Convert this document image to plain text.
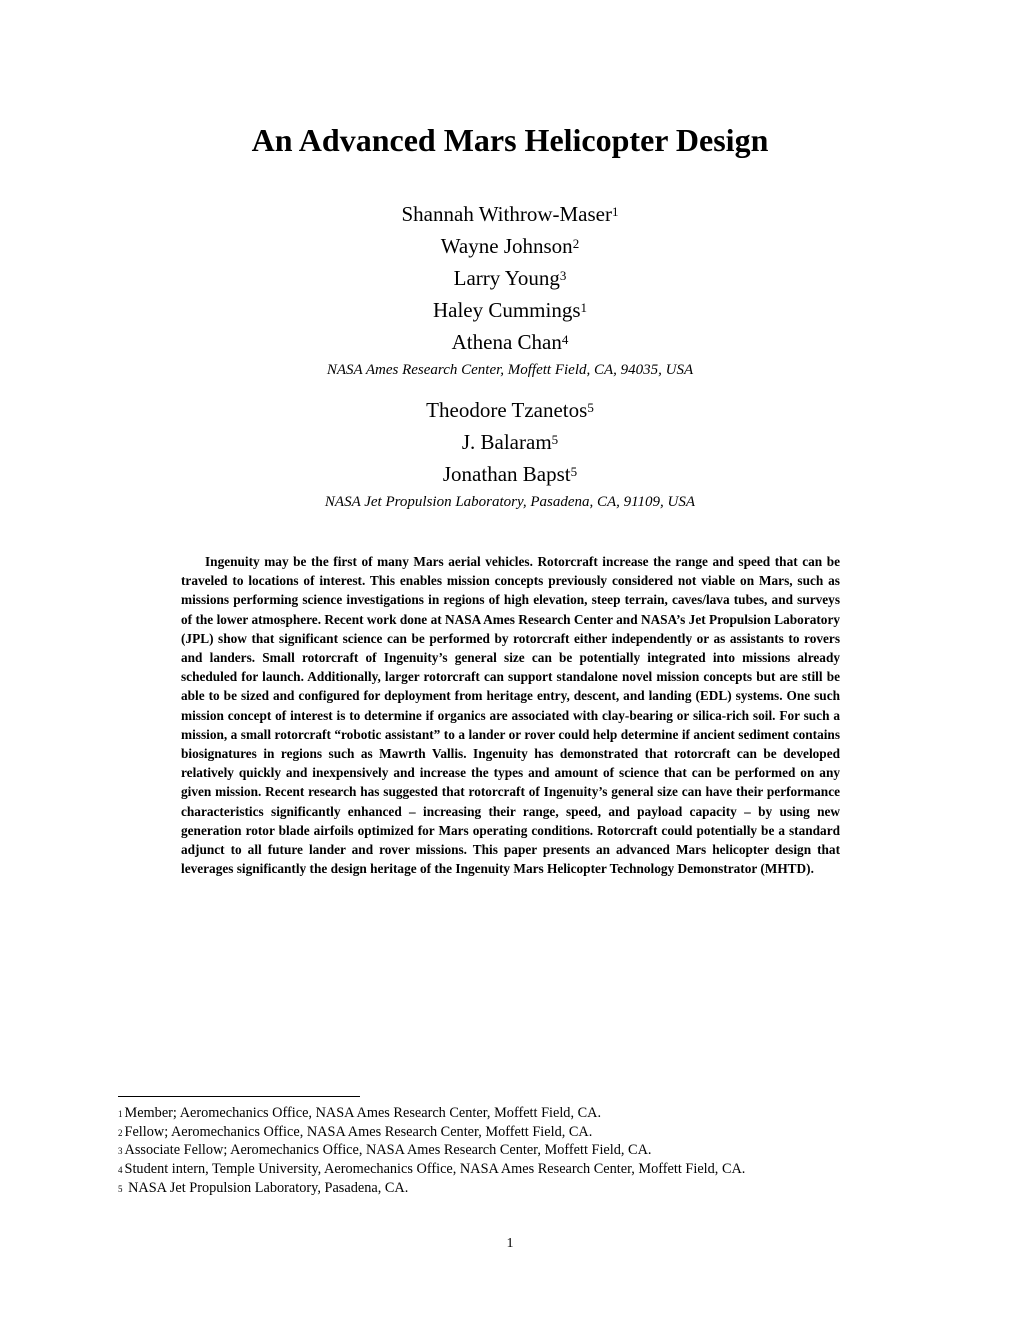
An Advanced Mars Helicopter Design
Shannah Withrow-Maser$^1$
Wayne Johnson$^2$
Larry Young$^3$
Haley Cummings$^1$
Athena Chan$^4$
NASA Ames Research Center, Moffett Field, CA, 94035, USA
Theodore Tzanetos$^5$
J. Balaram$^5$
Jonathan Bapst$^5$
NASA Jet Propulsion Laboratory, Pasadena, CA, 91109, USA

Ingenuity may be the first of many Mars aerial vehicles. Rotorcraft increase the range and speed that can be traveled to locations of interest. This enables mission concepts previously considered not viable on Mars, such as missions performing science investigations in regions of high elevation, steep terrain, caves/lava tubes, and surveys of the lower atmosphere. Recent work done at NASA Ames Research Center and NASA’s Jet Propulsion Laboratory (JPL) show that significant science can be performed by rotorcraft either independently or as assistants to rovers and landers. Small rotorcraft of Ingenuity’s general size can be potentially integrated into missions already scheduled for launch. Additionally, larger rotorcraft can support standalone novel mission concepts but are still be able to be sized and configured for deployment from heritage entry, descent, and landing (EDL) systems. One such mission concept of interest is to determine if organics are associated with clay-bearing or silica-rich soil. For such a mission, a small rotorcraft “robotic assistant” to a lander or rover could help determine if ancient sediment contains biosignatures in regions such as Mawrth Vallis. Ingenuity has demonstrated that rotorcraft can be developed relatively quickly and inexpensively and increase the types and amount of science that can be performed on any given mission. Recent research has suggested that rotorcraft of Ingenuity’s general size can have their performance characteristics significantly enhanced – increasing their range, speed, and payload capacity – by using new generation rotor blade airfoils optimized for Mars operating conditions. Rotorcraft could potentially be a standard adjunct to all future lander and rover missions. This paper presents an advanced Mars helicopter design that leverages significantly the design heritage of the Ingenuity Mars Helicopter Technology Demonstrator (MHTD).

$^1$ Member; Aeromechanics Office, NASA Ames Research Center, Moffett Field, CA.
$^2$ Fellow; Aeromechanics Office, NASA Ames Research Center, Moffett Field, CA.
$^3$ Associate Fellow; Aeromechanics Office, NASA Ames Research Center, Moffett Field, CA.
$^4$ Student intern, Temple University, Aeromechanics Office, NASA Ames Research Center, Moffett Field, CA.
$^5$ NASA Jet Propulsion Laboratory, Pasadena, CA.
1
